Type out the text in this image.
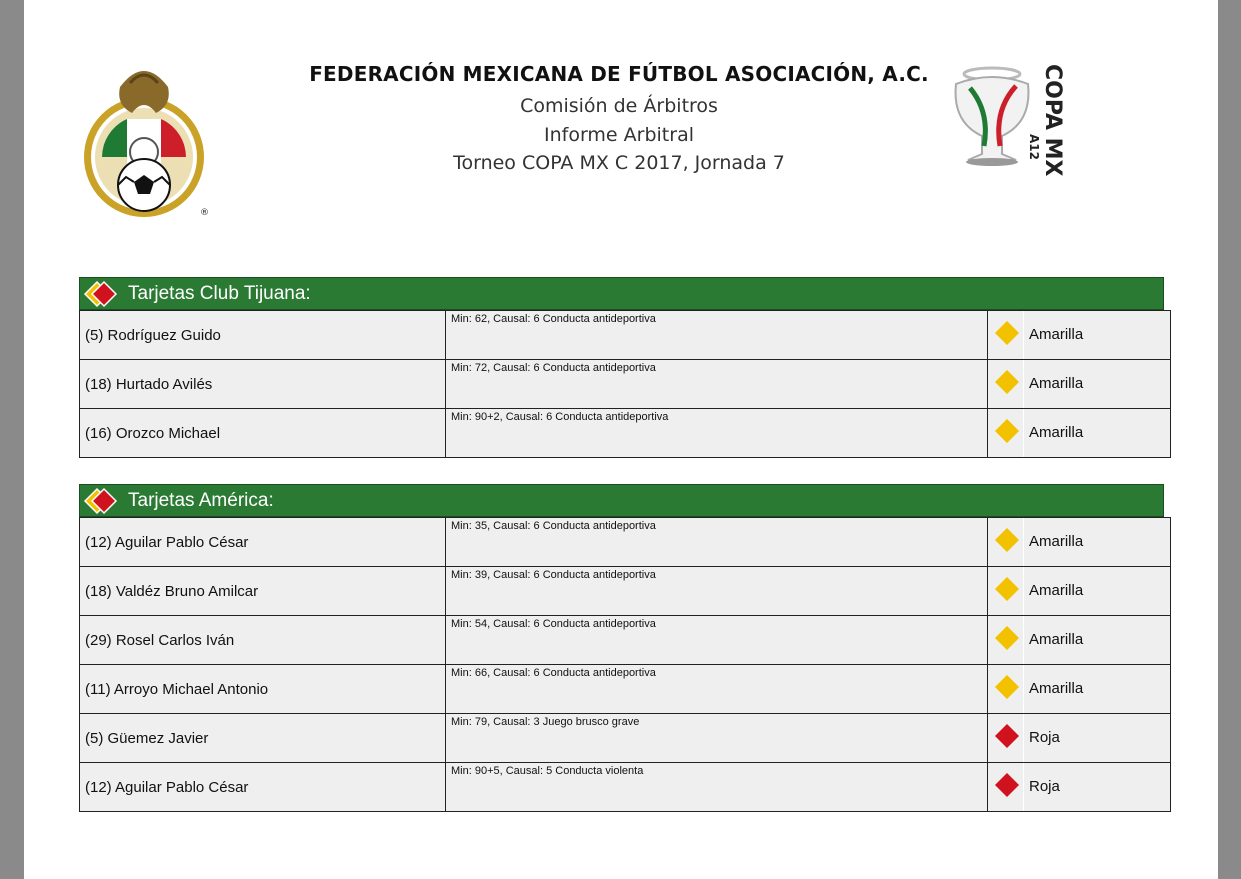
®
FEDERACIÓN MEXICANA DE FÚTBOL ASOCIACIÓN, A.C.

Comisión de Árbitros

Informe Arbitral

Torneo COPA MX C 2017, Jornada 7	COPA MX
A12
Tarjetas Club Tijuana:
(5) Rodríguez Guido	Min: 62, Causal: 6 Conducta antideportiva	Amarilla

(18) Hurtado Avilés	Min: 72, Causal: 6 Conducta antideportiva	Amarilla

(16) Orozco Michael	Min: 90+2, Causal: 6 Conducta antideportiva	Amarilla
Tarjetas América:
(12) Aguilar Pablo César	Min: 35, Causal: 6 Conducta antideportiva	Amarilla

(18) Valdéz Bruno Amilcar	Min: 39, Causal: 6 Conducta antideportiva	Amarilla

(29) Rosel Carlos Iván	Min: 54, Causal: 6 Conducta antideportiva	Amarilla

(11) Arroyo Michael Antonio	Min: 66, Causal: 6 Conducta antideportiva	Amarilla

(5) Güemez Javier	Min: 79, Causal: 3 Juego brusco grave	Roja

(12) Aguilar Pablo César	Min: 90+5, Causal: 5 Conducta violenta	Roja
